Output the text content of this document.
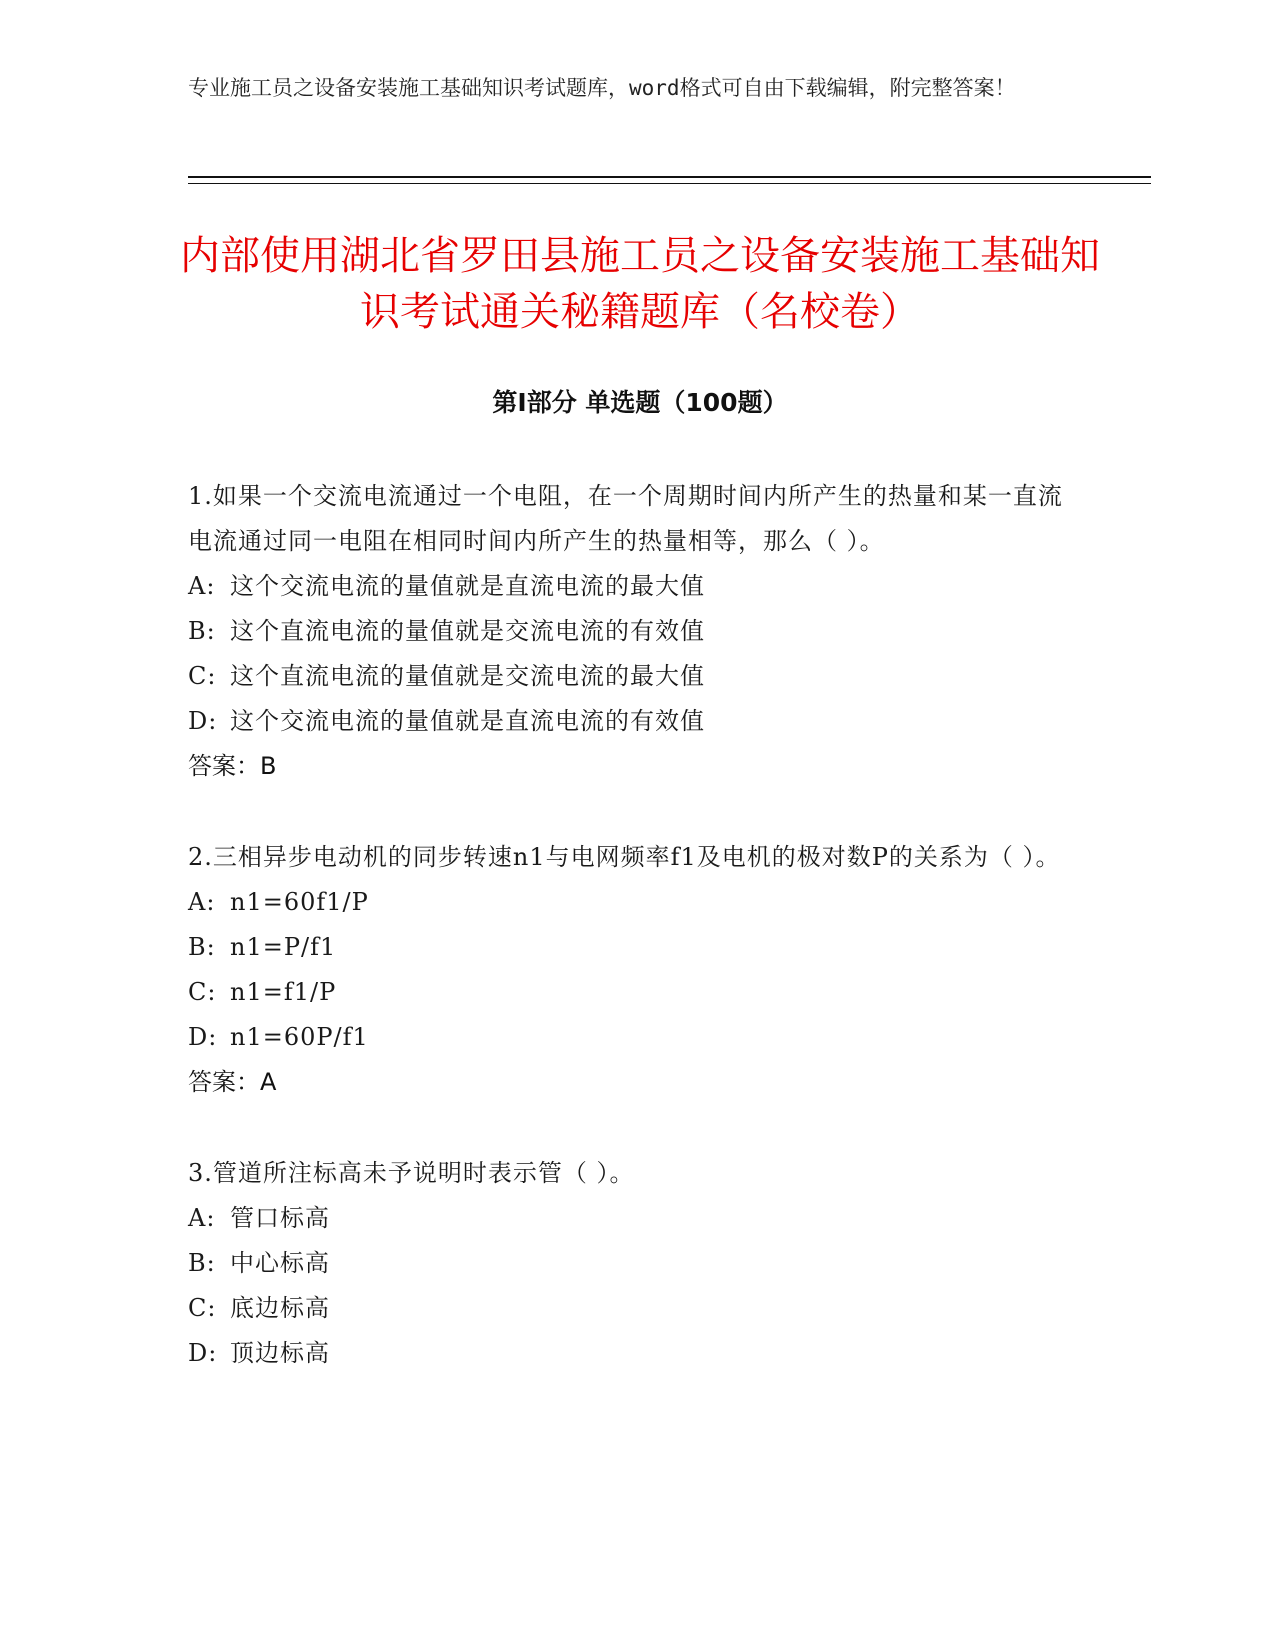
专业施工员之设备安装施工基础知识考试题库，word格式可自由下载编辑，附完整答案！
内部使用湖北省罗田县施工员之设备安装施工基础知识考试通关秘籍题库（名校卷）
第Ⅰ部分 单选题（100题）
1.如果一个交流电流通过一个电阻，在一个周期时间内所产生的热量和某一直流电流通过同一电阻在相同时间内所产生的热量相等，那么（ ）。
A: 这个交流电流的量值就是直流电流的最大值
B: 这个直流电流的量值就是交流电流的有效值
C: 这个直流电流的量值就是交流电流的最大值
D: 这个交流电流的量值就是直流电流的有效值
答案：B
2.三相异步电动机的同步转速n1与电网频率f1及电机的极对数P的关系为（ ）。
A: n1=60f1/P
B: n1=P/f1
C: n1=f1/P
D: n1=60P/f1
答案：A
3.管道所注标高未予说明时表示管（ ）。
A: 管口标高
B: 中心标高
C: 底边标高
D: 顶边标高
